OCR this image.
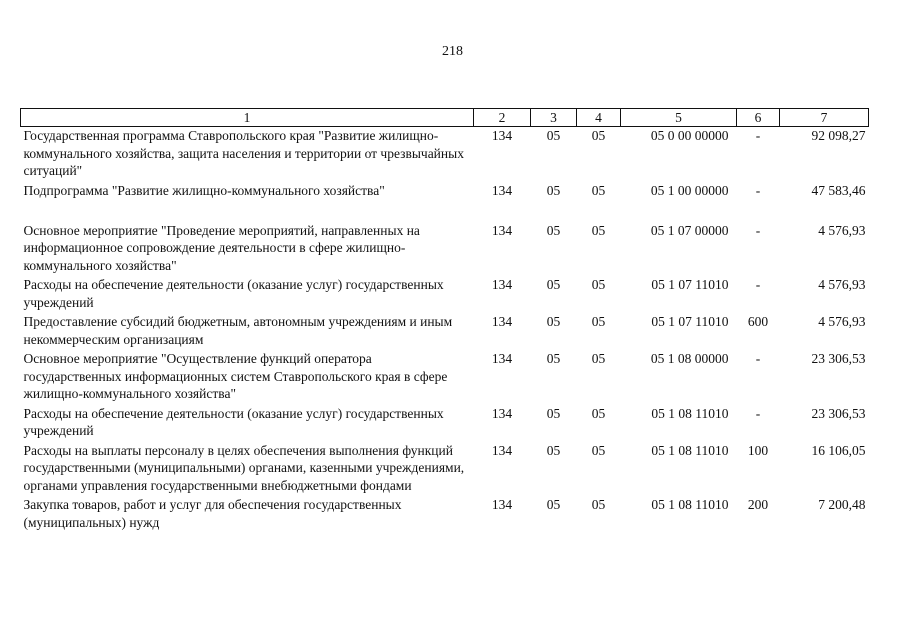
218
1	2	3	4	5	6	7
Государственная программа Ставропольского края "Развитие жилищно-коммунального хозяйства, защита населения и территории от чрезвычайных ситуаций"	134	05	05	05 0 00 00000	-	92 098,27
Подпрограмма "Развитие жилищно-коммунального хозяйства"	134	05	05	05 1 00 00000	-	47 583,46
Основное мероприятие "Проведение мероприятий, направленных на информационное сопровождение деятельности в сфере жилищно-коммунального хозяйства"	134	05	05	05 1 07 00000	-	4 576,93
Расходы на обеспечение деятельности (оказание услуг) государственных учреждений	134	05	05	05 1 07 11010	-	4 576,93
Предоставление субсидий бюджетным, автономным учреждениям и иным некоммерческим организациям	134	05	05	05 1 07 11010	600	4 576,93
Основное мероприятие "Осуществление функций оператора государственных информационных систем Ставропольского края в сфере жилищно-коммунального хозяйства"	134	05	05	05 1 08 00000	-	23 306,53
Расходы на обеспечение деятельности (оказание услуг) государственных учреждений	134	05	05	05 1 08 11010	-	23 306,53
Расходы на выплаты персоналу в целях обеспечения выполнения функций государственными (муниципальными) органами, казенными учреждениями, органами управления государственными внебюджетными фондами	134	05	05	05 1 08 11010	100	16 106,05
Закупка товаров, работ и услуг для обеспечения государственных (муниципальных) нужд	134	05	05	05 1 08 11010	200	7 200,48
